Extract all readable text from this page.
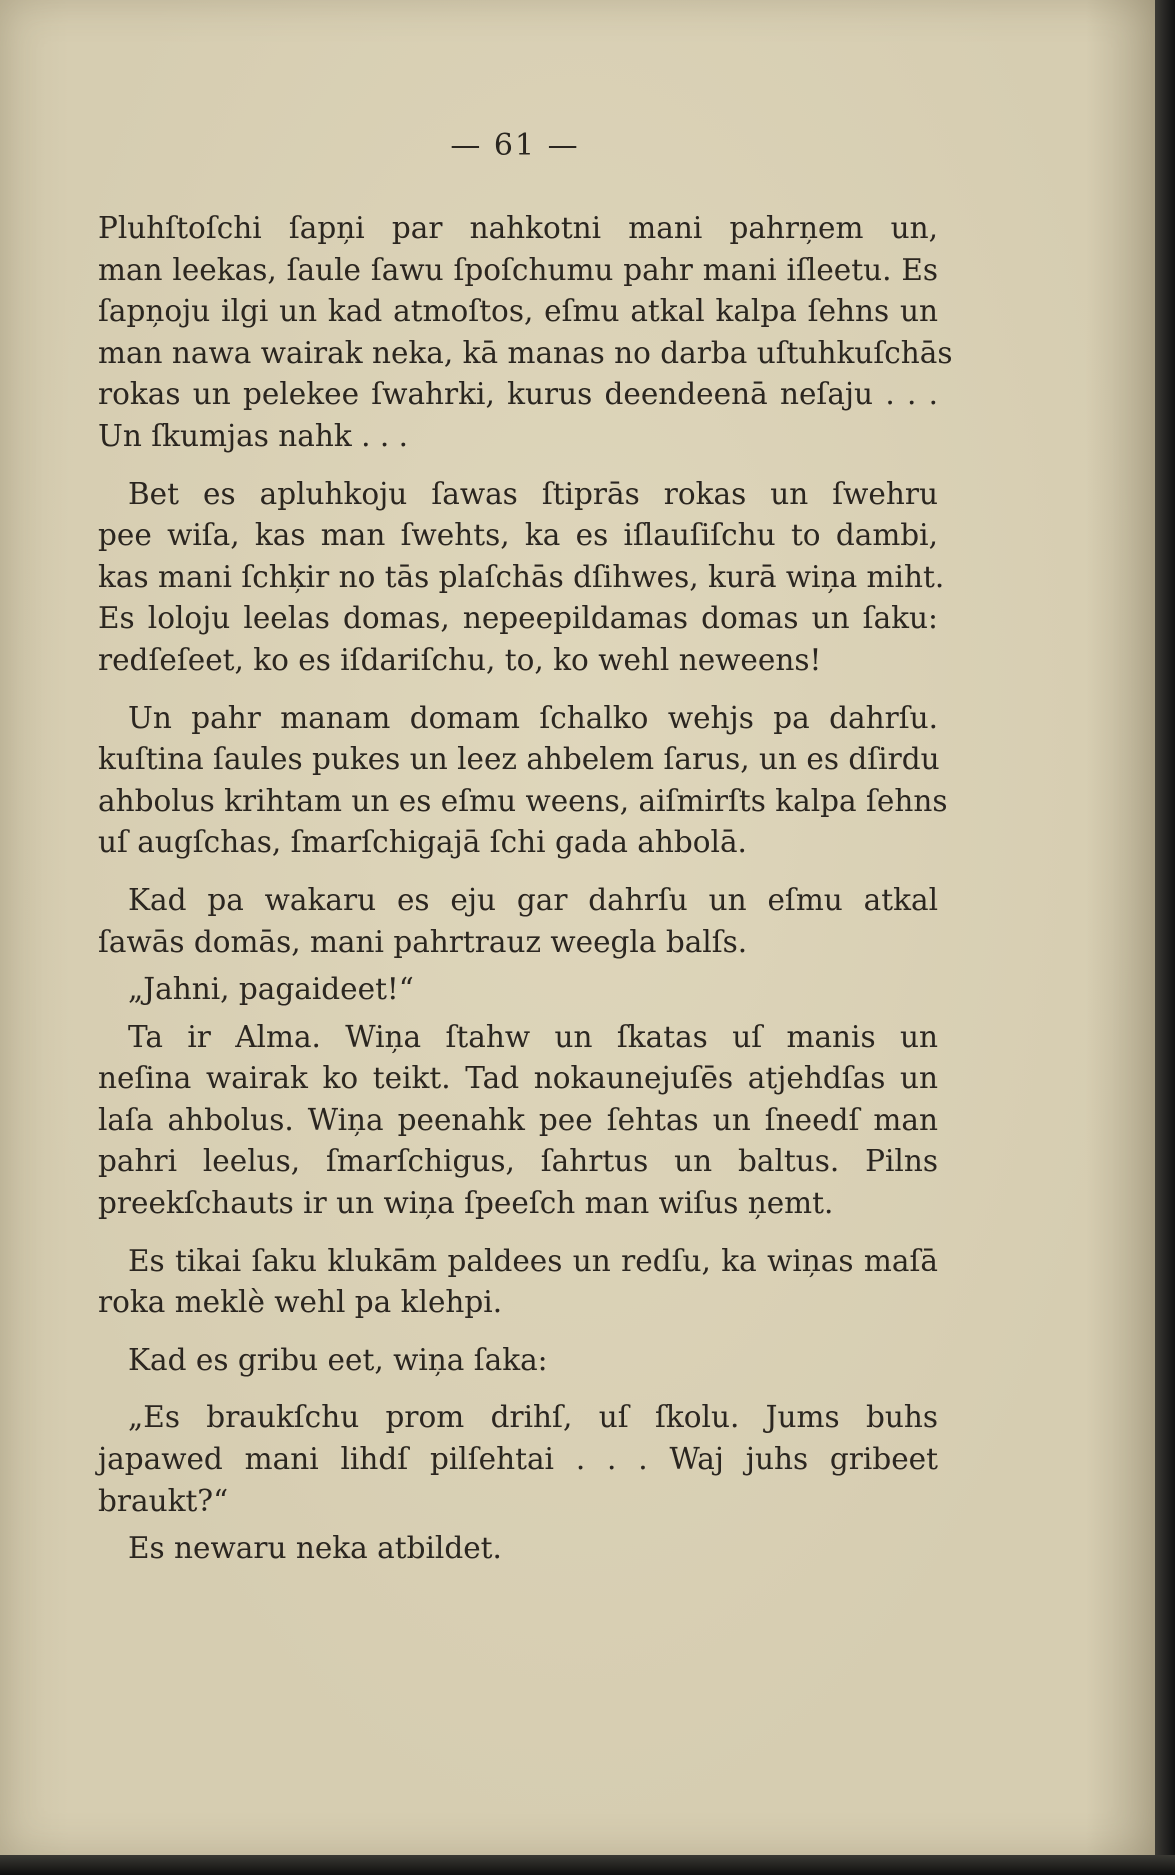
— 61 —

Pluhſtoſchi ſapņi par nahkotni mani pahrņem un,
man leekas, ſaule ſawu ſpoſchumu pahr mani iſleetu. Es
ſapņoju ilgi un kad atmoſtos, eſmu atkal kalpa ſehns un
man nawa wairak neka, kā manas no darba uſtuhkuſchās
rokas un pelekee ſwahrki, kurus deendeenā neſaju . . .
Un ſkumjas nahk . . .

Bet es apluhkoju ſawas ſtiprās rokas un ſwehru
pee wiſa, kas man ſwehts, ka es iſlauſiſchu to dambi,
kas mani ſchķir no tās plaſchās dſihwes, kurā wiņa miht.
Es loloju leelas domas, nepeepildamas domas un ſaku:
redſeſeet, ko es iſdariſchu, to, ko wehl neweens!

Un pahr manam domam ſchalko wehjs pa dahrſu.
kuſtina ſaules pukes un leez ahbelem ſarus, un es dſirdu
ahbolus krihtam un es eſmu weens, aiſmirſts kalpa ſehns
uſ augſchas, ſmarſchigajā ſchi gada ahbolā.

Kad pa wakaru es eju gar dahrſu un eſmu atkal
ſawās domās, mani pahrtrauz weegla balſs.

„Jahni, pagaideet!“

Ta ir Alma. Wiņa ſtahw un ſkatas uſ manis un
neſina wairak ko teikt. Tad nokaunejuſēs atjehdſas un
laſa ahbolus. Wiņa peenahk pee ſehtas un ſneedſ man
pahri leelus, ſmarſchigus, ſahrtus un baltus. Pilns
preekſchauts ir un wiņa ſpeeſch man wiſus ņemt.

Es tikai ſaku klukām paldees un redſu, ka wiņas maſā
roka meklè wehl pa klehpi.

Kad es gribu eet, wiņa ſaka:

„Es braukſchu prom drihſ, uſ ſkolu. Jums buhs
japawed mani lihdſ pilſehtai . . . Waj juhs gribeet
braukt?“

Es newaru neka atbildet.
